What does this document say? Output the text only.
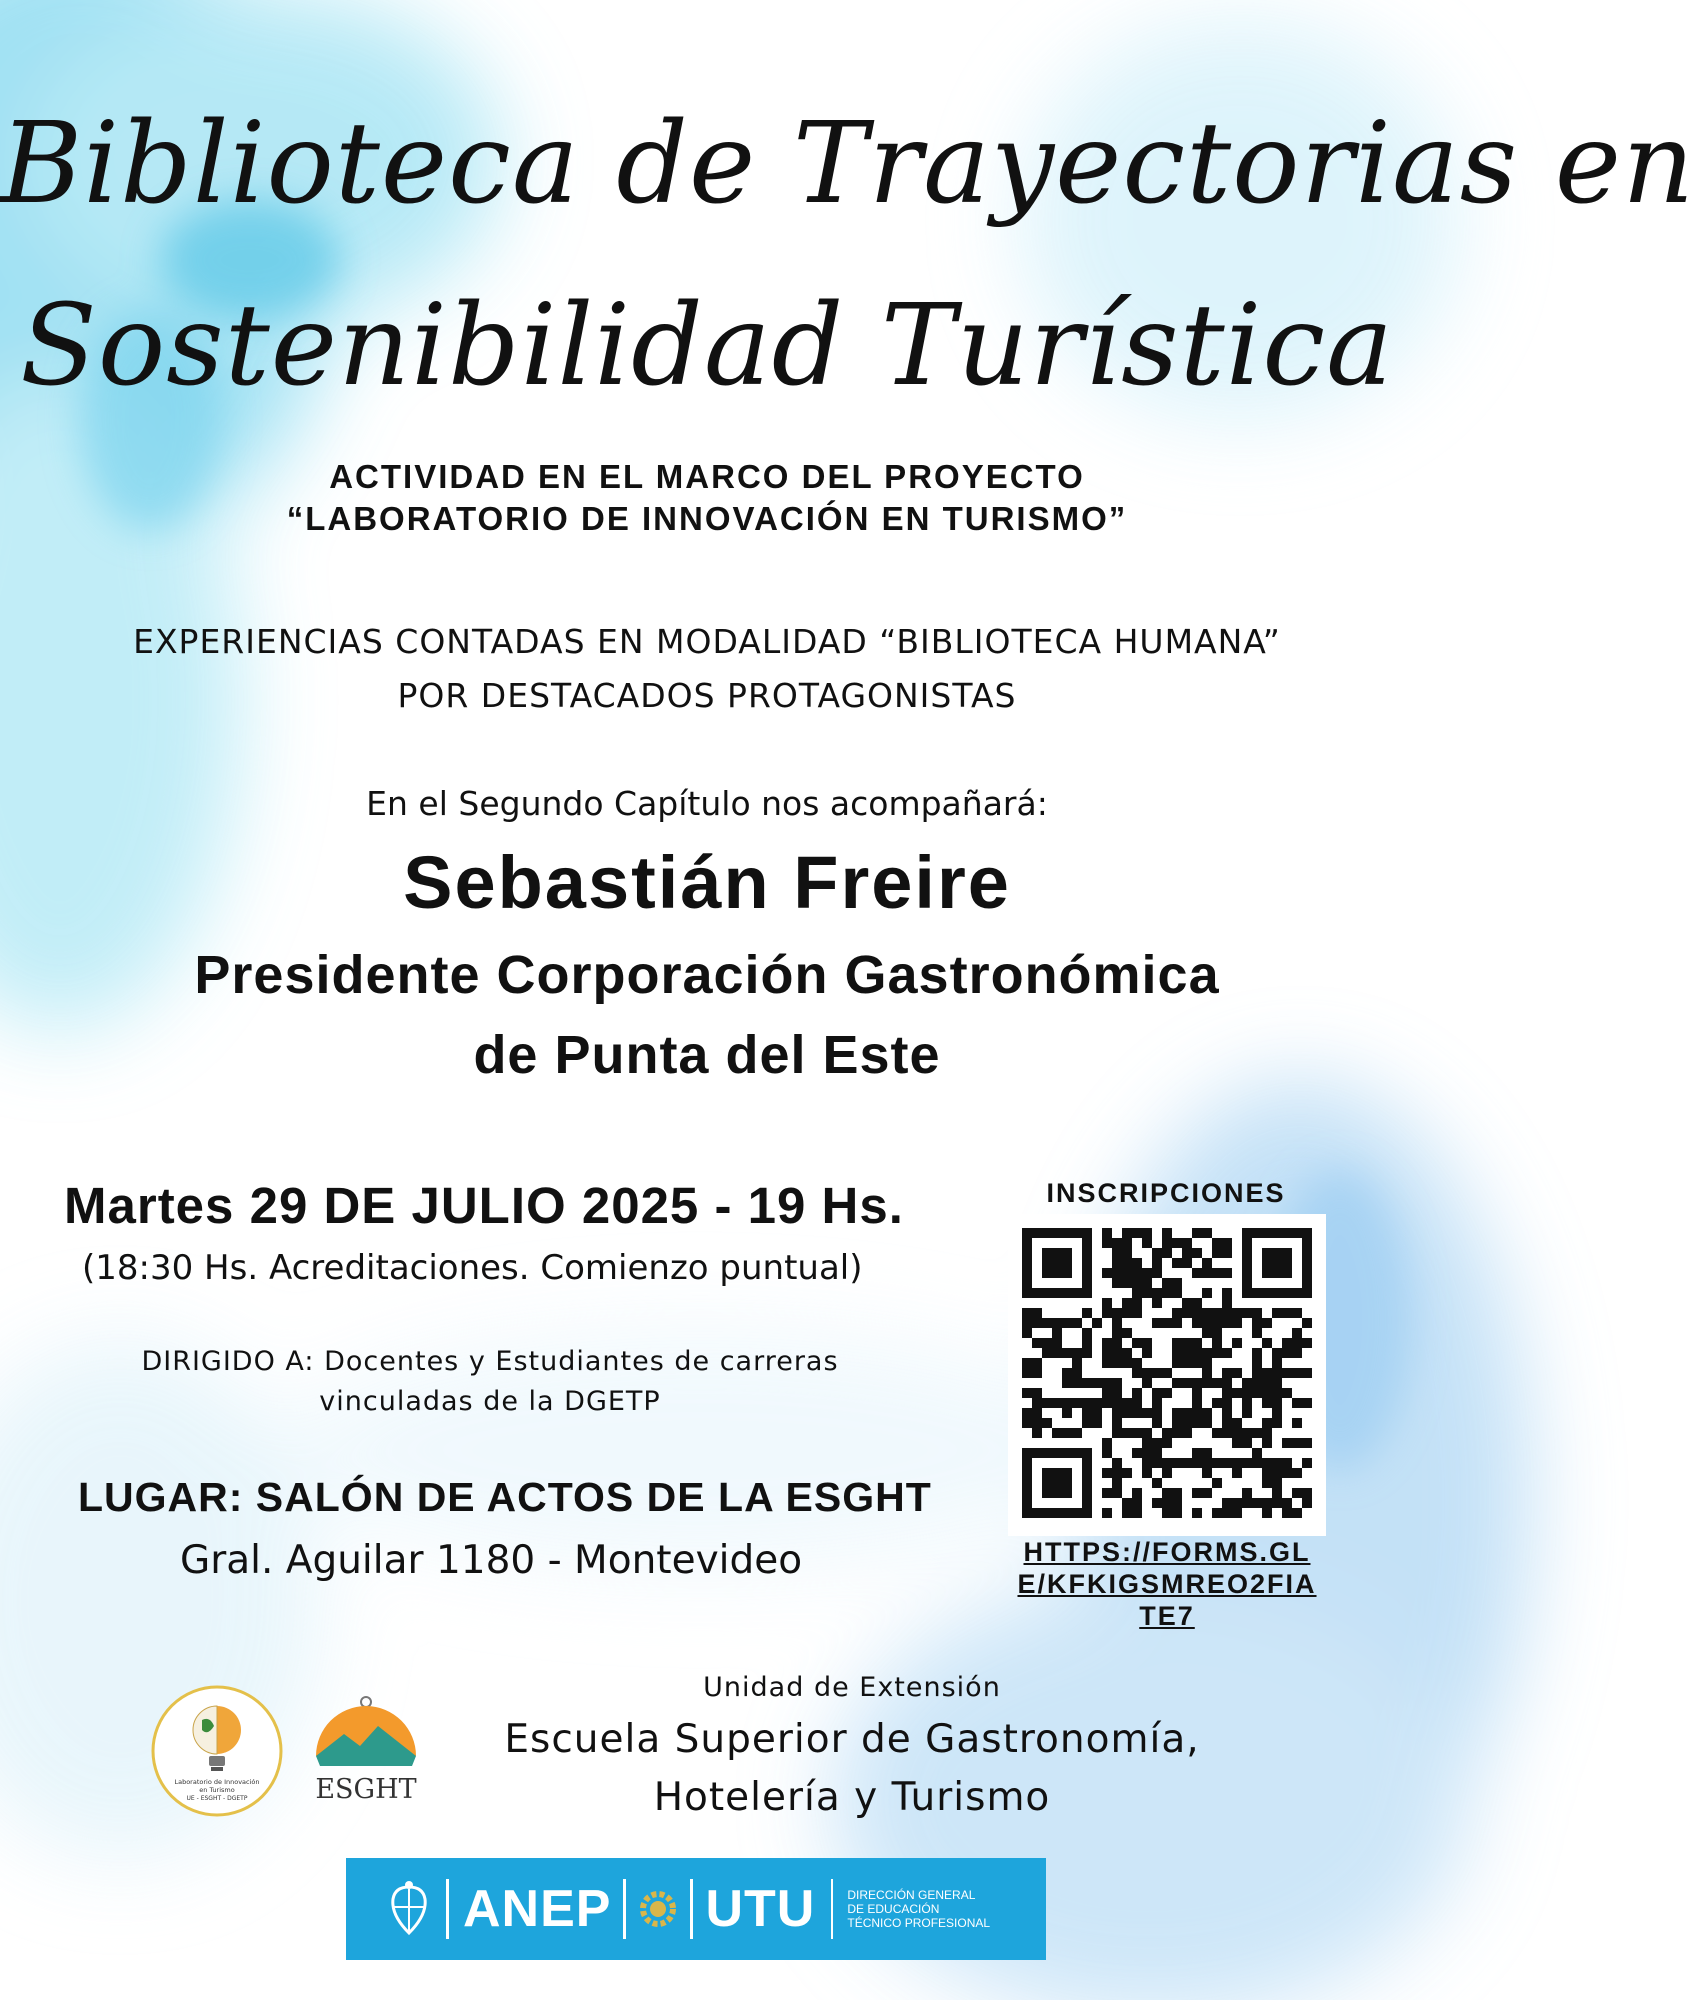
Biblioteca de Trayectorias en
Sostenibilidad Turística
ACTIVIDAD EN EL MARCO DEL PROYECTO
“LABORATORIO DE INNOVACIÓN EN TURISMO”
EXPERIENCIAS CONTADAS EN MODALIDAD “BIBLIOTECA HUMANA”
POR DESTACADOS PROTAGONISTAS
En el Segundo Capítulo nos acompañará:
Sebastián Freire
Presidente Corporación Gastronómica
de Punta del Este
Martes 29 DE JULIO 2025 - 19 Hs.
(18:30 Hs. Acreditaciones. Comienzo puntual)
DIRIGIDO A: Docentes y Estudiantes de carreras
vinculadas de la DGETP
LUGAR: SALÓN DE ACTOS DE LA ESGHT
Gral. Aguilar 1180 - Montevideo
INSCRIPCIONES
HTTPS://FORMS.GL
E/KFKIGSMREO2FIA
TE7
Laboratorio de Innovación
en Turismo
UE - ESGHT - DGETP	ESGHT
Unidad de Extensión
Escuela Superior de Gastronomía,
Hotelería y Turismo
ANEP UTU	DIRECCIÓN GENERAL
DE EDUCACIÓN
TÉCNICO PROFESIONAL
